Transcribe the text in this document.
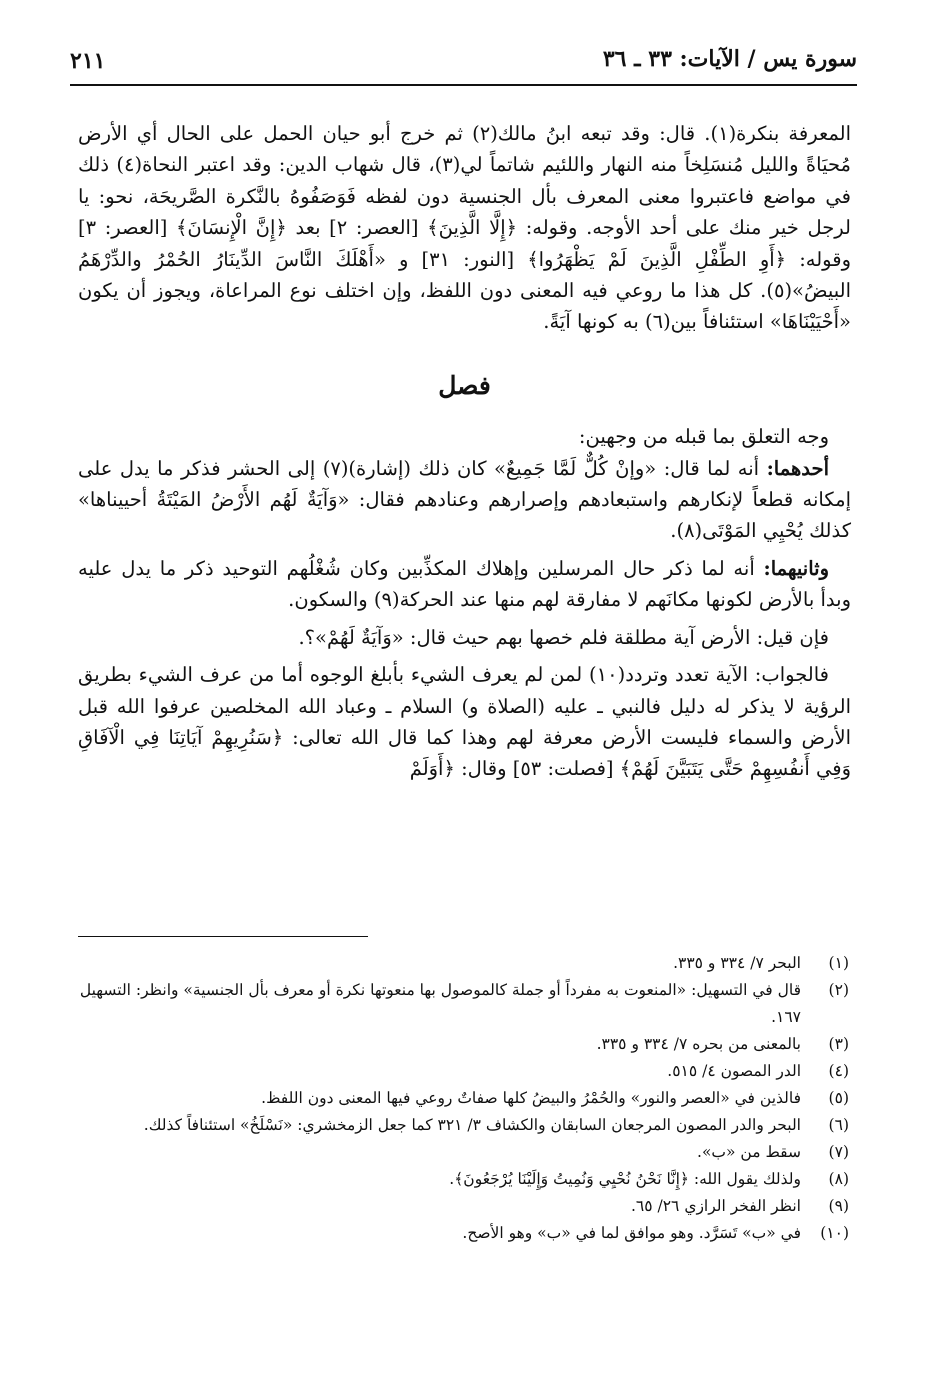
سورة يس / الآيات: ٣٣ ـ ٣٦
٢١١

المعرفة بنكرة(١). قال: وقد تبعه ابنُ مالك(٢) ثم خرج أبو حيان الحمل على الحال أي الأرض مُحيَاةً والليل مُنسَلِخاً منه النهار واللئيم شاتماً لي(٣)، قال شهاب الدين: وقد اعتبر النحاة(٤) ذلك في مواضع فاعتبروا معنى المعرف بأل الجنسية دون لفظه فَوَصَفُوهُ بالنَّكرة الصَّريحَة، نحو: يا لرجل خير منك على أحد الأوجه. وقوله: ﴿إِلَّا الَّذِينَ﴾ [العصر: ٢] بعد ﴿إِنَّ الْإِنسَانَ﴾ [العصر: ٣] وقوله: ﴿أَوِ الطِّفْلِ الَّذِينَ لَمْ يَظْهَرُوا﴾ [النور: ٣١] و «أَهْلَكَ النَّاسَ الدِّينَارُ الحُمْرُ والدِّرْهَمُ البيضُ»(٥). كل هذا ما روعي فيه المعنى دون اللفظ، وإن اختلف نوع المراعاة، ويجوز أن يكون «أَحْيَيْنَاهَا» استئنافاً بين(٦) به كونها آيَةً.

فصل

وجه التعلق بما قبله من وجهين:

أحدهما: أنه لما قال: «وإنْ كُلٌّ لَمَّا جَمِيعٌ» كان ذلك (إشارة)(٧) إلى الحشر فذكر ما يدل على إمكانه قطعاً لإنكارهم واستبعادهم وإصرارهم وعنادهم فقال: «وَآيَةٌ لَهُم الأَرْضُ المَيْتَةُ أحييناها» كذلك يُحْيِي المَوْتَى(٨).

وثانيهما: أنه لما ذكر حال المرسلين وإهلاك المكذِّبين وكان شُغْلُهم التوحيد ذكر ما يدل عليه وبدأ بالأرض لكونها مكانَهم لا مفارقة لهم منها عند الحركة(٩) والسكون.

فإن قيل: الأرض آية مطلقة فلم خصها بهم حيث قال: «وَآيَةٌ لَهُمْ»؟.

فالجواب: الآية تعدد وتردد(١٠) لمن لم يعرف الشيء بأبلغ الوجوه أما من عرف الشيء بطريق الرؤية لا يذكر له دليل فالنبي ـ عليه (الصلاة و) السلام ـ وعباد الله المخلصين عرفوا الله قبل الأرض والسماء فليست الأرض معرفة لهم وهذا كما قال الله تعالى: ﴿سَنُرِيهِمْ آيَاتِنَا فِي الْآفَاقِ وَفِي أَنفُسِهِمْ حَتَّى يَتَبَيَّنَ لَهُمْ﴾ [فصلت: ٥٣] وقال: ﴿أَوَلَمْ

(١)
البحر ٧/ ٣٣٤ و ٣٣٥.
(٢)
قال في التسهيل: «المنعوت به مفرداً أو جملة كالموصول بها منعوتها نكرة أو معرف بأل الجنسية» وانظر: التسهيل ١٦٧.
(٣)
بالمعنى من بحره ٧/ ٣٣٤ و ٣٣٥.
(٤)
الدر المصون ٤/ ٥١٥.
(٥)
فالذين في «العصر والنور» والحُمْرُ والبيضُ كلها صفاتٌ روعي فيها المعنى دون اللفظ.
(٦)
البحر والدر المصون المرجعان السابقان والكشاف ٣/ ٣٢١ كما جعل الزمخشري: «نَسْلَخُ» استئنافاً كذلك.
(٧)
سقط من «ب».
(٨)
ولذلك يقول الله: ﴿إِنَّا نَحْنُ نُحْيِي وَنُمِيتُ وَإِلَيْنَا يُرْجَعُونَ﴾.
(٩)
انظر الفخر الرازي ٢٦/ ٦٥.
(١٠)
في «ب» تَسَرَّد. وهو موافق لما في «ب» وهو الأصح.
